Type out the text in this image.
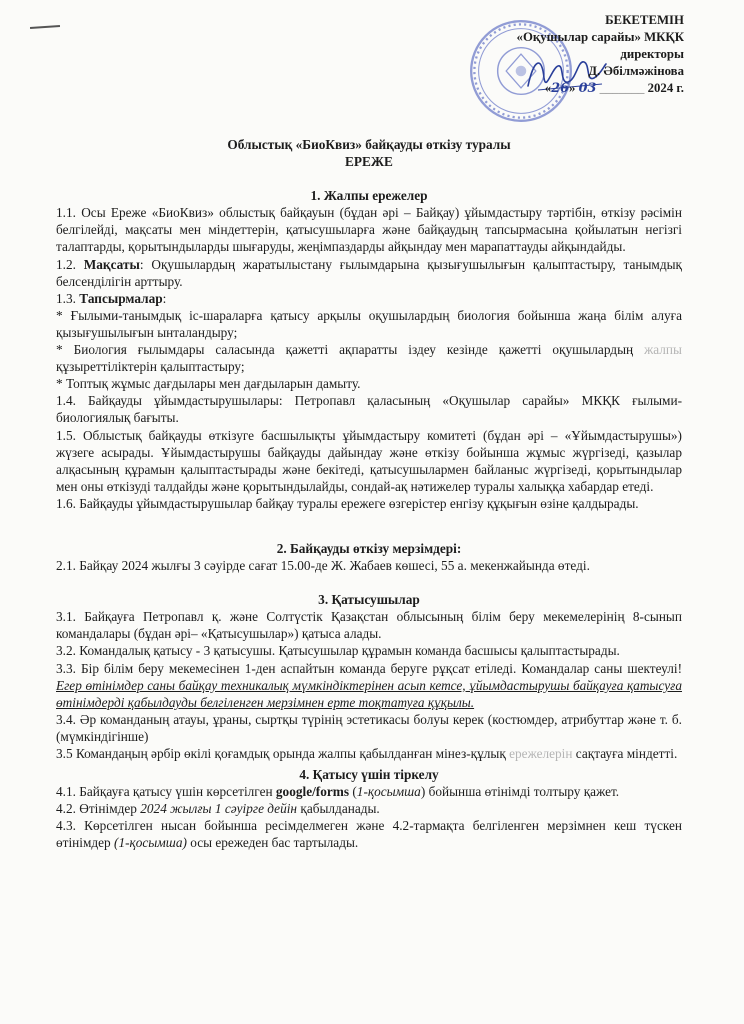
БЕКЕТЕМІН
«Оқушылар сарайы» МКҚК
директоры
Д. Әбілмәжінова
«26» 03 _______ 2024 г.
Облыстық «БиоКвиз» байқауды өткізу туралы
ЕРЕЖЕ
1. Жалпы ережелер

1.1. Осы Ереже «БиоКвиз» облыстық байқауын (бұдан әрі – Байқау) ұйымдастыру тәртібін, өткізу рәсімін белгілейді, мақсаты мен міндеттерін, қатысушыларға және байқаудың тапсырмасына қойылатын негізгі талаптарды, қорытындыларды шығаруды, жеңімпаздарды айқындау мен марапаттауды айқындайды.

1.2. Мақсаты: Оқушылардың жаратылыстану ғылымдарына қызығушылығын қалыптастыру, танымдық белсенділігін арттыру.

1.3. Тапсырмалар:

* Ғылыми-танымдық іс-шараларға қатысу арқылы оқушылардың биология бойынша жаңа білім алуға қызығушылығын ынталандыру;

* Биология ғылымдары саласында қажетті ақпаратты іздеу кезінде қажетті оқушылардың жалпы құзыреттіліктерін қалыптастыру;

* Топтық жұмыс дағдылары мен дағдыларын дамыту.

1.4. Байқауды ұйымдастырушылары: Петропавл қаласының «Оқушылар сарайы» МКҚК ғылыми-биологиялық бағыты.

1.5. Облыстық байқауды өткізуге басшылықты ұйымдастыру комитеті (бұдан әрі – «Ұйымдастырушы») жүзеге асырады. Ұйымдастырушы байқауды дайындау және өткізу бойынша жұмыс жүргізеді, қазылар алқасының құрамын қалыптастырады және бекітеді, қатысушылармен байланыс жүргізеді, қорытындылар мен оны өткізуді талдайды және қорытындылайды, сондай-ақ нәтижелер туралы халыққа хабардар етеді.

1.6. Байқауды ұйымдастырушылар байқау туралы ережеге өзгерістер енгізу құқығын өзіне қалдырады.

2. Байқауды өткізу мерзімдері:

2.1. Байқау 2024 жылғы 3 сәуірде сағат 15.00-де Ж. Жабаев көшесі, 55 а. мекенжайында өтеді.

3. Қатысушылар

3.1. Байқауға Петропавл қ. және Солтүстік Қазақстан облысының білім беру мекемелерінің 8-сынып командалары (бұдан әрі– «Қатысушылар») қатыса алады.

3.2. Командалық қатысу - 3 қатысушы. Қатысушылар құрамын команда басшысы қалыптастырады.

3.3. Бір білім беру мекемесінен 1-ден аспайтын команда беруге рұқсат етіледі. Командалар саны шектеулі! Егер өтінімдер саны байқау техникалық мүмкіндіктерінен асып кетсе, ұйымдастырушы байқауға қатысуға өтінімдерді қабылдауды белгіленген мерзімнен ерте тоқтатуға құқылы.

3.4. Әр команданың атауы, ұраны, сыртқы түрінің эстетикасы болуы керек (костюмдер, атрибуттар және т. б. (мүмкіндігінше)

3.5 Командаңың әрбір өкілі қоғамдық орында жалпы қабылданған мінез-құлық ережелерін сақтауға міндетті.

4. Қатысу үшін тіркелу

4.1. Байқауға қатысу үшін көрсетілген google/forms (1-қосымша) бойынша өтінімді толтыру қажет.

4.2. Өтінімдер 2024 жылғы 1 сәуірге дейін қабылданады.

4.3. Көрсетілген нысан бойынша ресімделмеген және 4.2-тармақта белгіленген мерзімнен кеш түскен өтінімдер (1-қосымша) осы ережеден бас тартылады.
